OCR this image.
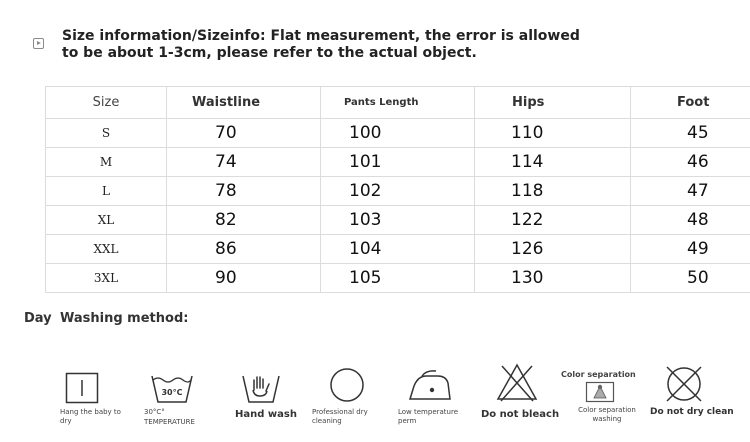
Size information/Sizeinfo: Flat measurement, the error is allowed
to be about 1-3cm, please refer to the actual object.
Size	Waistline	Pants Length	Hips	Foot
S	70	100	110	45
M	74	101	114	46
L	78	102	118	47
XL	82	103	122	48
XXL	86	104	126	49
3XL	90	105	130	50
Day Washing method:
Hang the baby to dry
30°C
30°C°
TEMPERATURE
Hand wash Professional dry cleaning
Low temperature perm
Do not bleach
Color separation
Color separation washing
Do not dry clean
